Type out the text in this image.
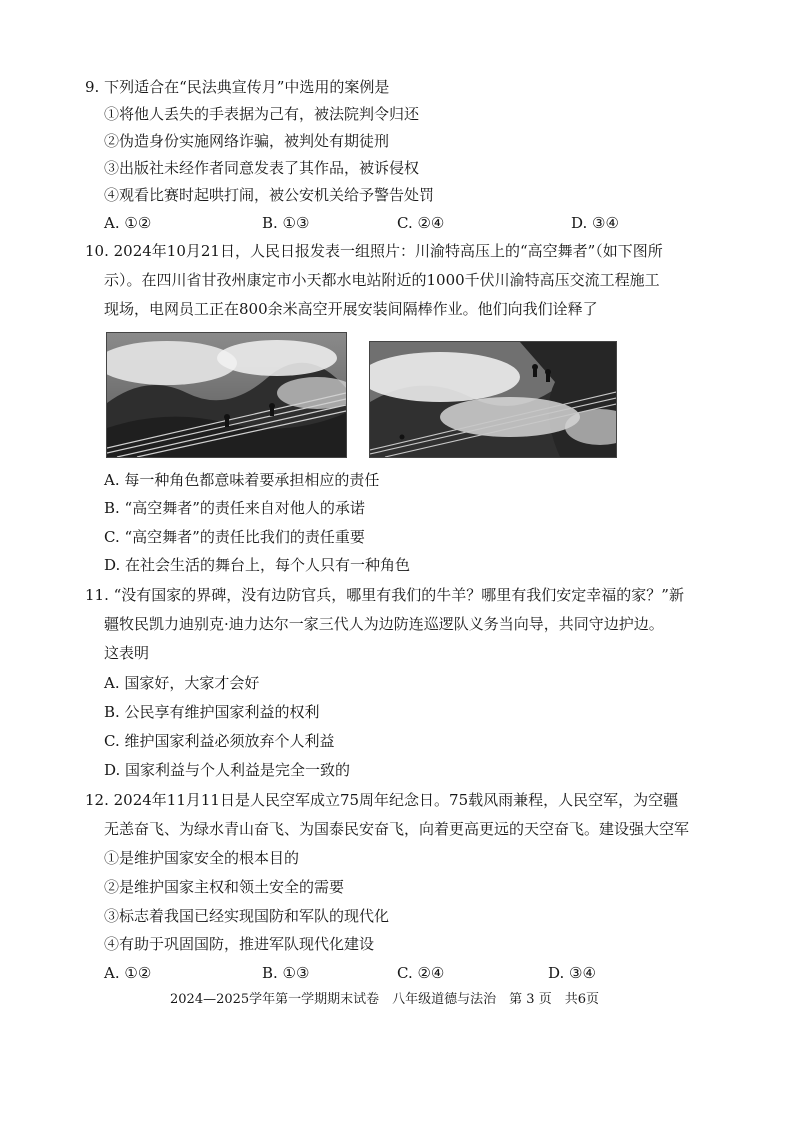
9. 下列适合在“民法典宣传月”中选用的案例是
①将他人丢失的手表据为己有，被法院判令归还
②伪造身份实施网络诈骗，被判处有期徒刑
③出版社未经作者同意发表了其作品，被诉侵权
④观看比赛时起哄打闹，被公安机关给予警告处罚
A. ①②	B. ①③	C. ②④	D. ③④
10. 2024年10月21日，人民日报发表一组照片：川渝特高压上的“高空舞者”（如下图所
示）。在四川省甘孜州康定市小天都水电站附近的1000千伏川渝特高压交流工程施工
现场，电网员工正在800余米高空开展安装间隔棒作业。他们向我们诠释了
A. 每一种角色都意味着要承担相应的责任
B. “高空舞者”的责任来自对他人的承诺
C. “高空舞者”的责任比我们的责任重要
D. 在社会生活的舞台上，每个人只有一种角色
11. “没有国家的界碑，没有边防官兵，哪里有我们的牛羊？哪里有我们安定幸福的家？”新
疆牧民凯力迪别克·迪力达尔一家三代人为边防连巡逻队义务当向导，共同守边护边。
这表明
A. 国家好，大家才会好
B. 公民享有维护国家利益的权利
C. 维护国家利益必须放弃个人利益
D. 国家利益与个人利益是完全一致的
12. 2024年11月11日是人民空军成立75周年纪念日。75载风雨兼程，人民空军，为空疆
无恙奋飞、为绿水青山奋飞、为国泰民安奋飞，向着更高更远的天空奋飞。建设强大空军
①是维护国家安全的根本目的
②是维护国家主权和领土安全的需要
③标志着我国已经实现国防和军队的现代化
④有助于巩固国防，推进军队现代化建设
A. ①②	B. ①③	C. ②④	D. ③④
2024—2025学年第一学期期末试卷　八年级道德与法治　第 3 页　共6页
